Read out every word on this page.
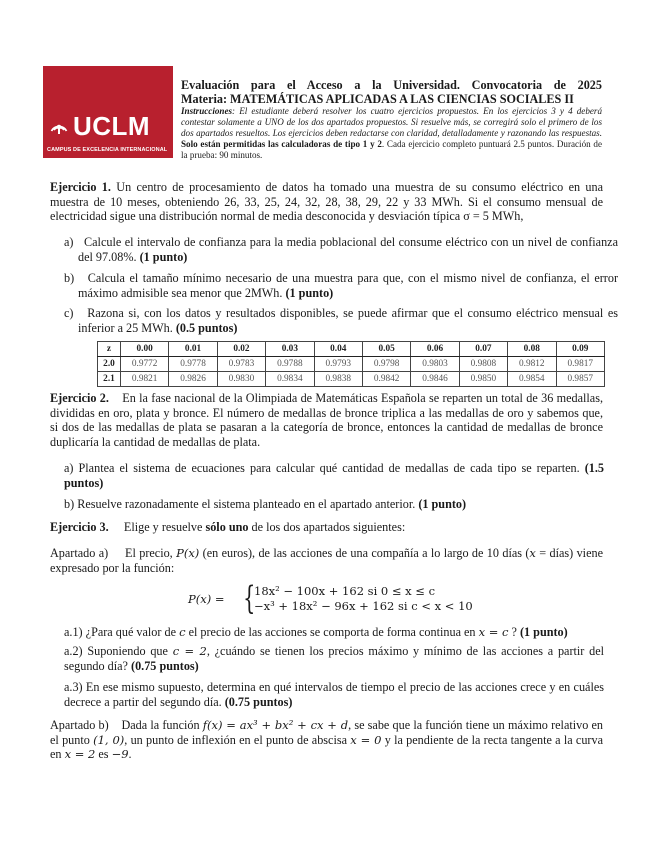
UCLM
CAMPUS DE EXCELENCIA INTERNACIONAL
Evaluación para el Acceso a la Universidad. Convocatoria de 2025
Materia: MATEMÁTICAS APLICADAS A LAS CIENCIAS SOCIALES II
Instrucciones: El estudiante deberá resolver los cuatro ejercicios propuestos. En los ejercicios 3 y 4 deberá contestar solamente a UNO de los dos apartados propuestos. Si resuelve más, se corregirá solo el primero de los dos apartados resueltos. Los ejercicios deben redactarse con claridad, detalladamente y razonando las respuestas. Solo están permitidas las calculadoras de tipo 1 y 2. Cada ejercicio completo puntuará 2.5 puntos. Duración de la prueba: 90 minutos.
Ejercicio 1. Un centro de procesamiento de datos ha tomado una muestra de su consumo eléctrico en una muestra de 10 meses, obteniendo 26, 33, 25, 24, 32, 28, 38, 29, 22 y 33 MWh. Si el consumo mensual de electricidad sigue una distribución normal de media desconocida y desviación típica σ = 5 MWh,
a) Calcule el intervalo de confianza para la media poblacional del consume eléctrico con un nivel de confianza del 97.08%. (1 punto)
b) Calcula el tamaño mínimo necesario de una muestra para que, con el mismo nivel de confianza, el error máximo admisible sea menor que 2MWh. (1 punto)
c) Razona si, con los datos y resultados disponibles, se puede afirmar que el consumo eléctrico mensual es inferior a 25 MWh. (0.5 puntos)
z	0.00	0.01	0.02	0.03	0.04	0.05	0.06	0.07	0.08	0.09
2.0	0.9772	0.9778	0.9783	0.9788	0.9793	0.9798	0.9803	0.9808	0.9812	0.9817
2.1	0.9821	0.9826	0.9830	0.9834	0.9838	0.9842	0.9846	0.9850	0.9854	0.9857
Ejercicio 2. En la fase nacional de la Olimpiada de Matemáticas Española se reparten un total de 36 medallas, divididas en oro, plata y bronce. El número de medallas de bronce triplica a las medallas de oro y sabemos que, si dos de las medallas de plata se pasaran a la categoría de bronce, entonces la cantidad de medallas de bronce duplicaría la cantidad de medallas de plata.
a) Plantea el sistema de ecuaciones para calcular qué cantidad de medallas de cada tipo se reparten. (1.5 puntos)
b) Resuelve razonadamente el sistema planteado en el apartado anterior. (1 punto)
Ejercicio 3. Elige y resuelve sólo uno de los dos apartados siguientes:
Apartado a) El precio, P(x) (en euros), de las acciones de una compañía a lo largo de 10 días (x = días) viene expresado por la función:
P(x) = {
18x² − 100x + 162 si 0 ≤ x ≤ c
−x³ + 18x² − 96x + 162 si c < x < 10
a.1) ¿Para qué valor de c el precio de las acciones se comporta de forma continua en x = c ? (1 punto)
a.2) Suponiendo que c = 2, ¿cuándo se tienen los precios máximo y mínimo de las acciones a partir del segundo día? (0.75 puntos)
a.3) En ese mismo supuesto, determina en qué intervalos de tiempo el precio de las acciones crece y en cuáles decrece a partir del segundo día. (0.75 puntos)
Apartado b) Dada la función f(x) = ax³ + bx² + cx + d, se sabe que la función tiene un máximo relativo en el punto (1, 0), un punto de inflexión en el punto de abscisa x = 0 y la pendiente de la recta tangente a la curva en x = 2 es −9.
